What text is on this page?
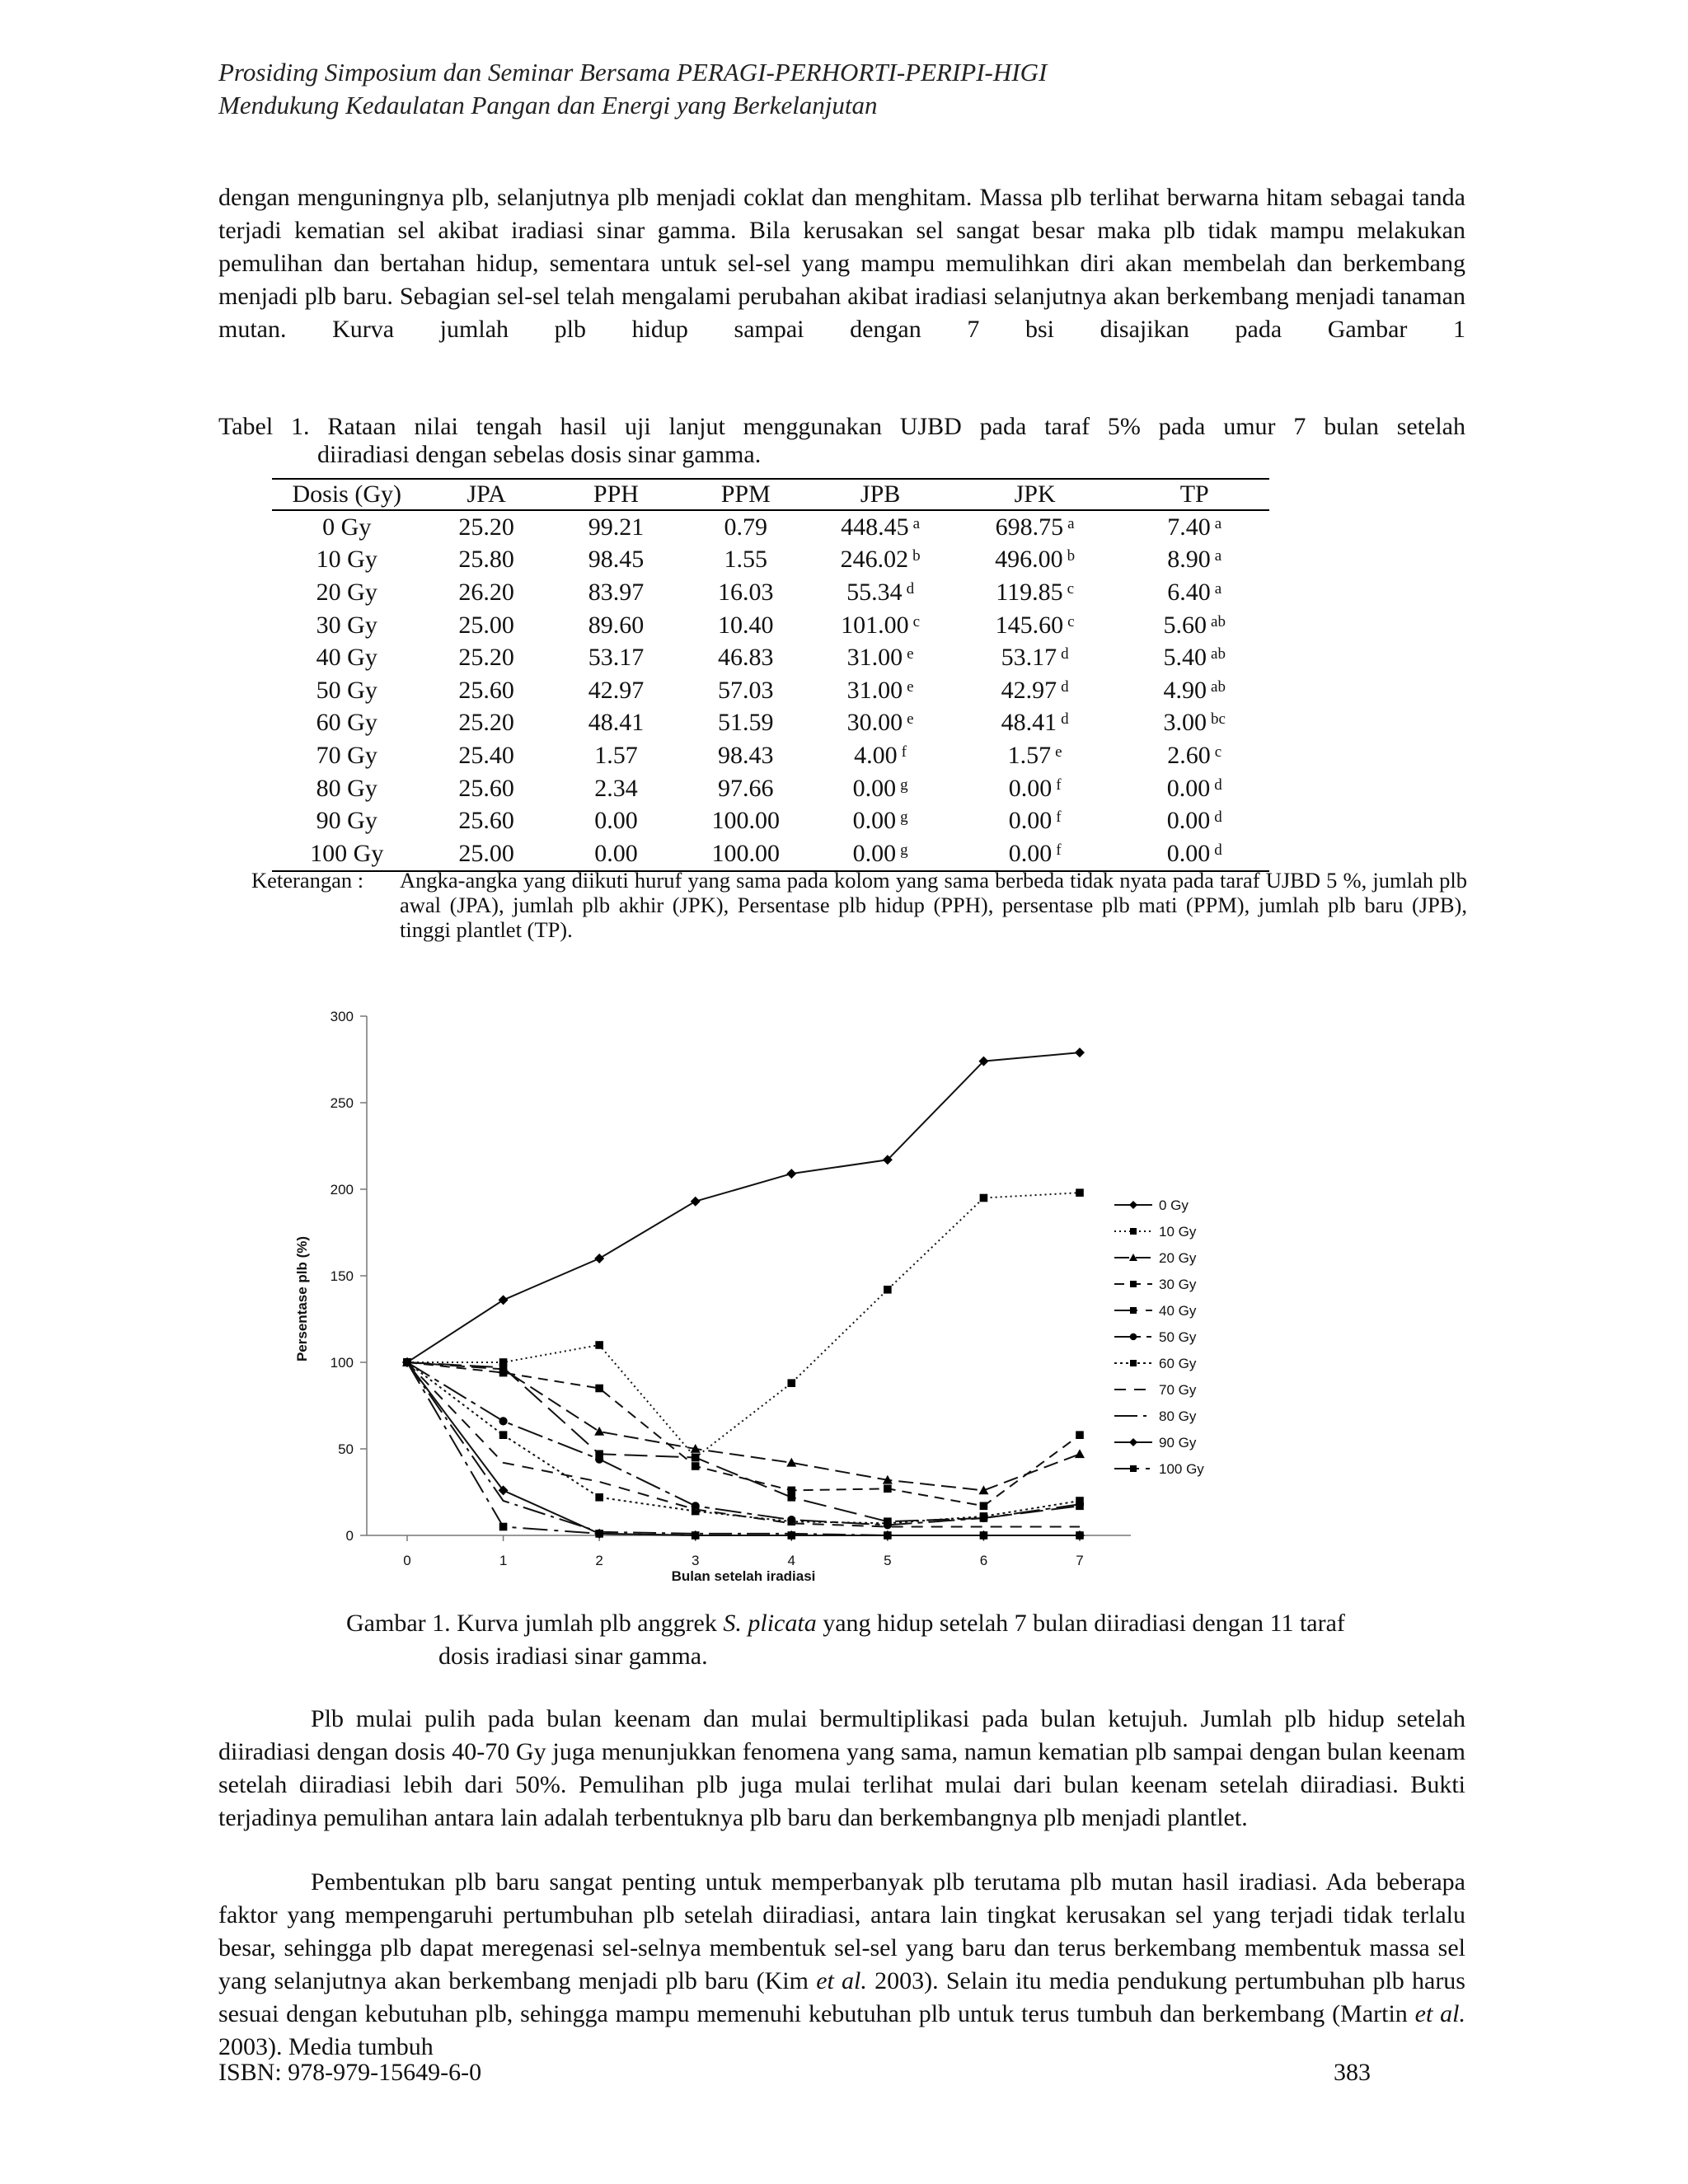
Prosiding Simposium dan Seminar Bersama PERAGI-PERHORTI-PERIPI-HIGI
Mendukung Kedaulatan Pangan dan Energi yang Berkelanjutan
dengan menguningnya plb, selanjutnya plb menjadi coklat dan menghitam. Massa plb terlihat berwarna hitam sebagai tanda terjadi kematian sel akibat iradiasi sinar gamma. Bila kerusakan sel sangat besar maka plb tidak mampu melakukan pemulihan dan bertahan hidup, sementara untuk sel-sel yang mampu memulihkan diri akan membelah dan berkembang menjadi plb baru. Sebagian sel-sel telah mengalami perubahan akibat iradiasi selanjutnya akan berkembang menjadi tanaman mutan. Kurva jumlah plb hidup sampai dengan 7 bsi disajikan pada Gambar 1
Tabel 1. Rataan nilai tengah hasil uji lanjut menggunakan UJBD pada taraf 5% pada umur 7 bulan setelah
diiradiasi dengan sebelas dosis sinar gamma.
Dosis (Gy)	JPA	PPH	PPM	JPB	JPK	TP
0 Gy	25.20	99.21	0.79	448.45 $^a$	698.75 $^a$	7.40 $^a$
10 Gy	25.80	98.45	1.55	246.02 $^b$	496.00 $^b$	8.90 $^a$
20 Gy	26.20	83.97	16.03	55.34 $^d$	119.85 $^c$	6.40 $^a$
30 Gy	25.00	89.60	10.40	101.00 $^c$	145.60 $^c$	5.60 $^{ab}$
40 Gy	25.20	53.17	46.83	31.00 $^e$	53.17 $^d$	5.40 $^{ab}$
50 Gy	25.60	42.97	57.03	31.00 $^e$	42.97 $^d$	4.90 $^{ab}$
60 Gy	25.20	48.41	51.59	30.00 $^e$	48.41 $^d$	3.00 $^{bc}$
70 Gy	25.40	1.57	98.43	4.00 $^f$	1.57 $^e$	2.60 $^c$
80 Gy	25.60	2.34	97.66	0.00 $^g$	0.00 $^f$	0.00 $^d$
90 Gy	25.60	0.00	100.00	0.00 $^g$	0.00 $^f$	0.00 $^d$
100 Gy	25.00	0.00	100.00	0.00 $^g$	0.00 $^f$	0.00 $^d$
Keterangan : Angka-angka yang diikuti huruf yang sama pada kolom yang sama berbeda tidak nyata pada taraf UJBD 5 %, jumlah plb awal (JPA), jumlah plb akhir (JPK), Persentase plb hidup (PPH), persentase plb mati (PPM), jumlah plb baru (JPB), tinggi plantlet (TP).
0
50
100
150
200
250
300
0	1	2	3	4	5	6	7
0 Gy
10 Gy
20 Gy
30 Gy
40 Gy
50 Gy
60 Gy
70 Gy
80 Gy
90 Gy
100 Gy
Bulan setelah iradiasi
Persentase plb (%)
Gambar 1. Kurva jumlah plb anggrek S. plicata yang hidup setelah 7 bulan diiradiasi dengan 11 taraf
dosis iradiasi sinar gamma.
Plb mulai pulih pada bulan keenam dan mulai bermultiplikasi pada bulan ketujuh. Jumlah plb hidup setelah diiradiasi dengan dosis 40-70 Gy juga menunjukkan fenomena yang sama, namun kematian plb sampai dengan bulan keenam setelah diiradiasi lebih dari 50%. Pemulihan plb juga mulai terlihat mulai dari bulan keenam setelah diiradiasi. Bukti terjadinya pemulihan antara lain adalah terbentuknya plb baru dan berkembangnya plb menjadi plantlet.
Pembentukan plb baru sangat penting untuk memperbanyak plb terutama plb mutan hasil iradiasi. Ada beberapa faktor yang mempengaruhi pertumbuhan plb setelah diiradiasi, antara lain tingkat kerusakan sel yang terjadi tidak terlalu besar, sehingga plb dapat meregenasi sel-selnya membentuk sel-sel yang baru dan terus berkembang membentuk massa sel yang selanjutnya akan berkembang menjadi plb baru (Kim et al. 2003). Selain itu media pendukung pertumbuhan plb harus sesuai dengan kebutuhan plb, sehingga mampu memenuhi kebutuhan plb untuk terus tumbuh dan berkembang (Martin et al. 2003). Media tumbuh
ISBN: 978-979-15649-6-0	383
